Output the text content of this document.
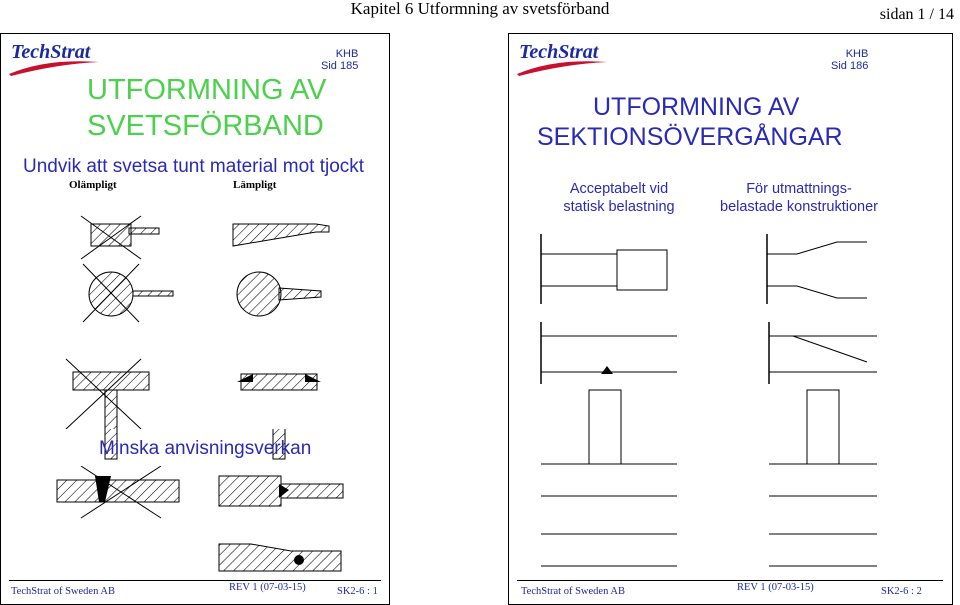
Kapitel 6 Utformning av svetsförband	sidan 1 / 14
TechStrat	KHB
Sid 185
UTFORMNING AV
SVETSFÖRBAND
Undvik att svetsa tunt material mot tjockt
Olämpligt	Lämpligt
Minska anvisningsverkan
TechStrat of Sweden AB	REV 1 (07-03-15)	SK2-6 : 1
TechStrat	KHB
Sid 186
UTFORMNING AV
SEKTIONSÖVERGÅNGAR
Acceptabelt vid
statisk belastning
För utmattnings-
belastade konstruktioner
TechStrat of Sweden AB	REV 1 (07-03-15)	SK2-6 : 2
